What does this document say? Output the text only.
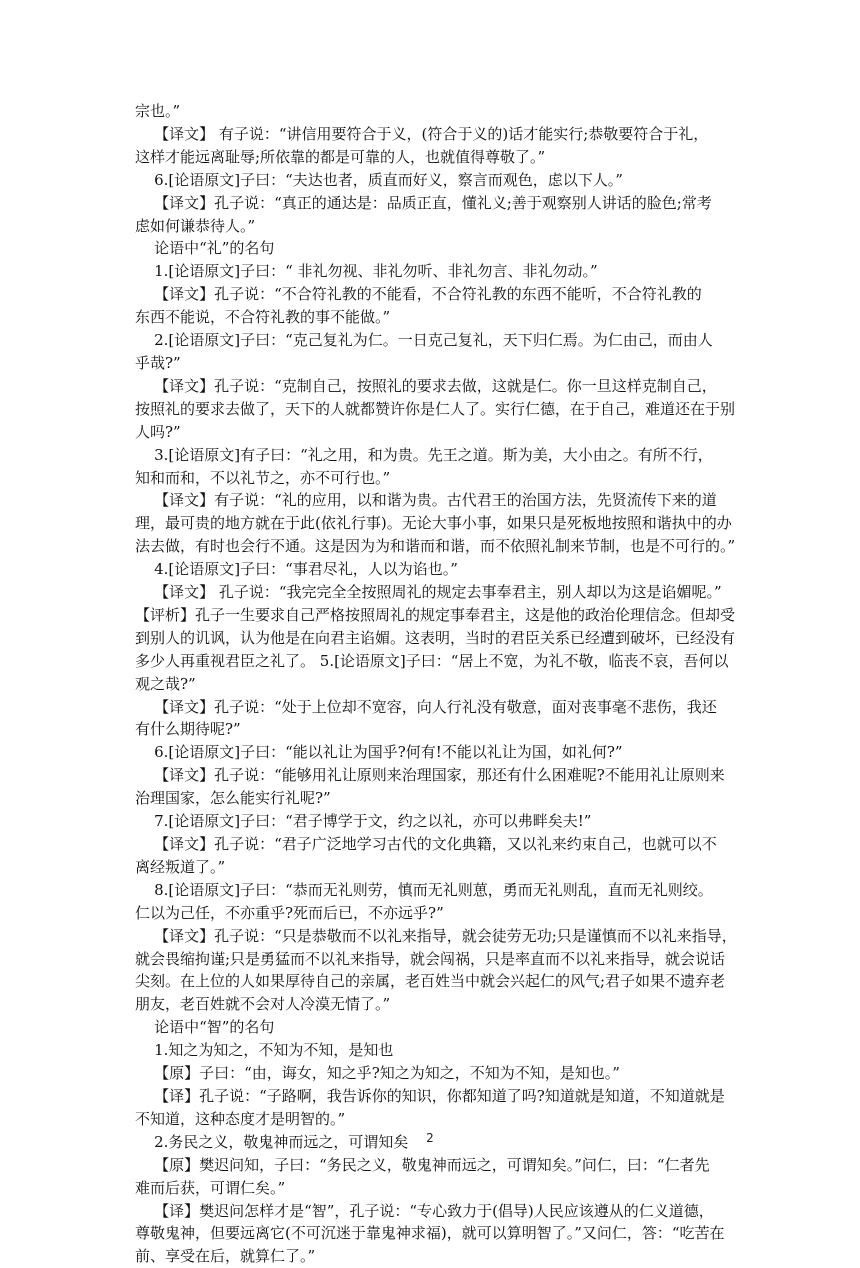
宗也。”

【译文】 有子说：“讲信用要符合于义，(符合于义的)话才能实行;恭敬要符合于礼，

这样才能远离耻辱;所依靠的都是可靠的人，也就值得尊敬了。”

6.[论语原文]子曰：“夫达也者，质直而好义，察言而观色，虑以下人。”

【译文】孔子说：“真正的通达是：品质正直，懂礼义;善于观察别人讲话的脸色;常考

虑如何谦恭待人。”

论语中“礼”的名句

1.[论语原文]子曰：“ 非礼勿视、非礼勿听、非礼勿言、非礼勿动。”

【译文】孔子说：“不合符礼教的不能看，不合符礼教的东西不能听，不合符礼教的

东西不能说，不合符礼教的事不能做。”

2.[论语原文]子曰：“克己复礼为仁。一日克己复礼，天下归仁焉。为仁由己，而由人

乎哉?”

【译文】孔子说：“克制自己，按照礼的要求去做，这就是仁。你一旦这样克制自己，

按照礼的要求去做了，天下的人就都赞许你是仁人了。实行仁德，在于自己，难道还在于别

人吗?”

3.[论语原文]有子曰：“礼之用，和为贵。先王之道。斯为美，大小由之。有所不行，

知和而和，不以礼节之，亦不可行也。”

【译文】有子说：“礼的应用，以和谐为贵。古代君王的治国方法，先贤流传下来的道

理，最可贵的地方就在于此(依礼行事)。无论大事小事，如果只是死板地按照和谐执中的办

法去做，有时也会行不通。这是因为为和谐而和谐，而不依照礼制来节制，也是不可行的。”

4.[论语原文]子曰：“事君尽礼，人以为谄也。”

【译文】 孔子说：“我完完全全按照周礼的规定去事奉君主，别人却以为这是谄媚呢。”

【评析】孔子一生要求自己严格按照周礼的规定事奉君主，这是他的政治伦理信念。但却受

到别人的讥讽，认为他是在向君主谄媚。这表明，当时的君臣关系已经遭到破坏，已经没有

多少人再重视君臣之礼了。 5.[论语原文]子曰：“居上不宽，为礼不敬，临丧不哀，吾何以

观之哉?”

【译文】孔子说：“处于上位却不宽容，向人行礼没有敬意，面对丧事毫不悲伤，我还

有什么期待呢?”

6.[论语原文]子曰：“能以礼让为国乎?何有!不能以礼让为国，如礼何?”

【译文】孔子说：“能够用礼让原则来治理国家，那还有什么困难呢?不能用礼让原则来

治理国家，怎么能实行礼呢?”

7.[论语原文]子曰：“君子博学于文，约之以礼，亦可以弗畔矣夫!”

【译文】孔子说：“君子广泛地学习古代的文化典籍，又以礼来约束自己，也就可以不

离经叛道了。”

8.[论语原文]子曰：“恭而无礼则劳，慎而无礼则葸，勇而无礼则乱，直而无礼则绞。

仁以为己任，不亦重乎?死而后已，不亦远乎?”

【译文】孔子说：“只是恭敬而不以礼来指导，就会徒劳无功;只是谨慎而不以礼来指导，

就会畏缩拘谨;只是勇猛而不以礼来指导，就会闯祸，只是率直而不以礼来指导，就会说话

尖刻。在上位的人如果厚待自己的亲属，老百姓当中就会兴起仁的风气;君子如果不遗弃老

朋友，老百姓就不会对人冷漠无情了。”

论语中“智”的名句

1.知之为知之，不知为不知，是知也

【原】子曰：“由，诲女，知之乎?知之为知之，不知为不知，是知也。”

【译】孔子说：“子路啊，我告诉你的知识，你都知道了吗?知道就是知道，不知道就是

不知道，这种态度才是明智的。”

2.务民之义，敬鬼神而远之，可谓知矣

【原】樊迟问知，子曰：“务民之义，敬鬼神而远之，可谓知矣。”问仁，曰：“仁者先

难而后获，可谓仁矣。”

【译】樊迟问怎样才是“智”，孔子说：“专心致力于(倡导)人民应该遵从的仁义道德，

尊敬鬼神，但要远离它(不可沉迷于靠鬼神求福)，就可以算明智了。”又问仁，答：“吃苦在

前、享受在后，就算仁了。”

2
